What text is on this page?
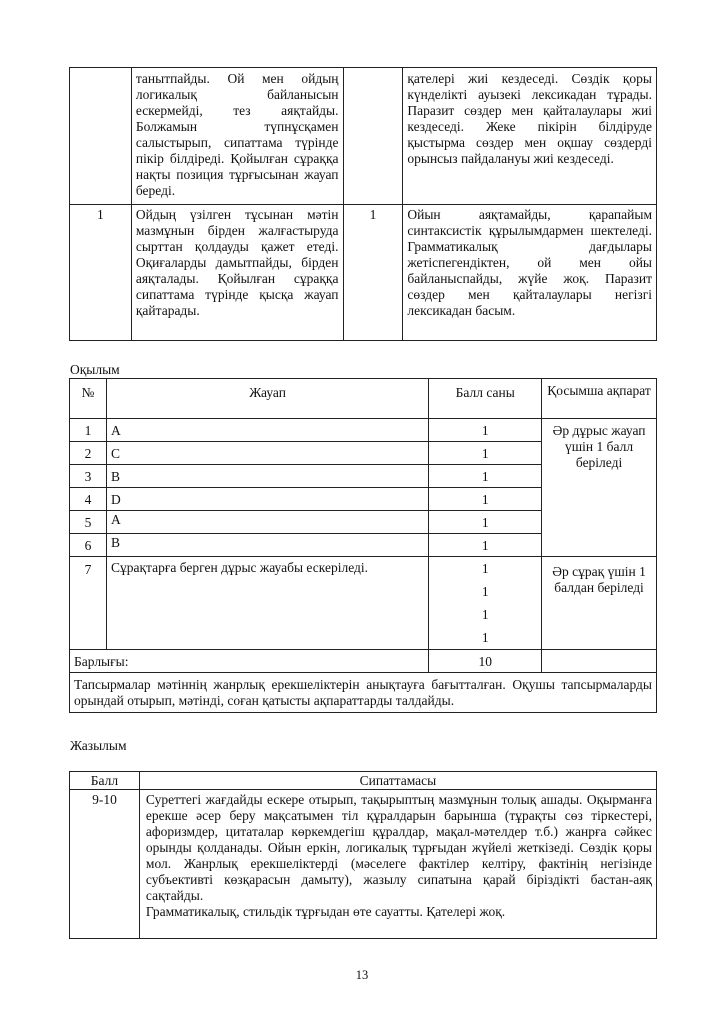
	танытпайды. Ой мен ойдың логикалық байланысын ескермейді, тез аяқтайды. Болжамын түпнұсқамен салыстырып, сипаттама түрінде пікір білдіреді. Қойылған сұраққа нақты позиция тұрғысынан жауап береді.		қателері жиі кездеседі. Сөздік қоры күнделікті ауызекі лексикадан тұрады. Паразит сөздер мен қайталаулары жиі кездеседі. Жеке пікірін білдіруде қыстырма сөздер мен оқшау сөздерді орынсыз пайдалануы жиі кездеседі.
1	Ойдың үзілген тұсынан мәтін мазмұнын бірден жалғастыруда сырттан қолдауды қажет етеді. Оқиғаларды дамытпайды, бірден аяқталады. Қойылған сұраққа сипаттама түрінде қысқа жауап қайтарады.	1	Ойын аяқтамайды, қарапайым синтаксистік құрылымдармен шектеледі. Грамматикалық дағдылары жетіспегендіктен, ой мен ойы байланыспайды, жүйе жоқ. Паразит сөздер мен қайталаулары негізгі лексикадан басым.
Оқылым
№	Жауап	Балл саны	Қосымша ақпарат
1	A	1	Әр дұрыс жауап үшін 1 балл беріледі
2	C	1	
3	B	1	
4	D	1	
5	A	1	
6	B	1	
7	Сұрақтарға берген дұрыс жауабы ескеріледі.	1
1
1
1	Әр сұрақ үшін 1 балдан беріледі
Барлығы:		10	
Тапсырмалар мәтіннің жанрлық ерекшеліктерін анықтауға бағытталған. Оқушы тапсырмаларды орындай отырып, мәтінді, соған қатысты ақпараттарды талдайды.			
Жазылым
Балл	Сипаттамасы
9-10	Суреттегі жағдайды ескере отырып, тақырыптың мазмұнын толық ашады. Оқырманға ерекше әсер беру мақсатымен тіл құралдарын барынша (тұрақты сөз тіркестері, афоризмдер, цитаталар көркемдегіш құралдар, мақал-мәтелдер т.б.) жанрға сәйкес орынды қолданады. Ойын еркін, логикалық тұрғыдан жүйелі жеткізеді. Сөздік қоры мол. Жанрлық ерекшеліктерді (мәселеге фактілер келтіру, фактінің негізінде субъективті көзқарасын дамыту), жазылу сипатына қарай біріздікті бастан-аяқ сақтайды.
Грамматикалық, стильдік тұрғыдан өте сауатты. Қателері жоқ.
13
